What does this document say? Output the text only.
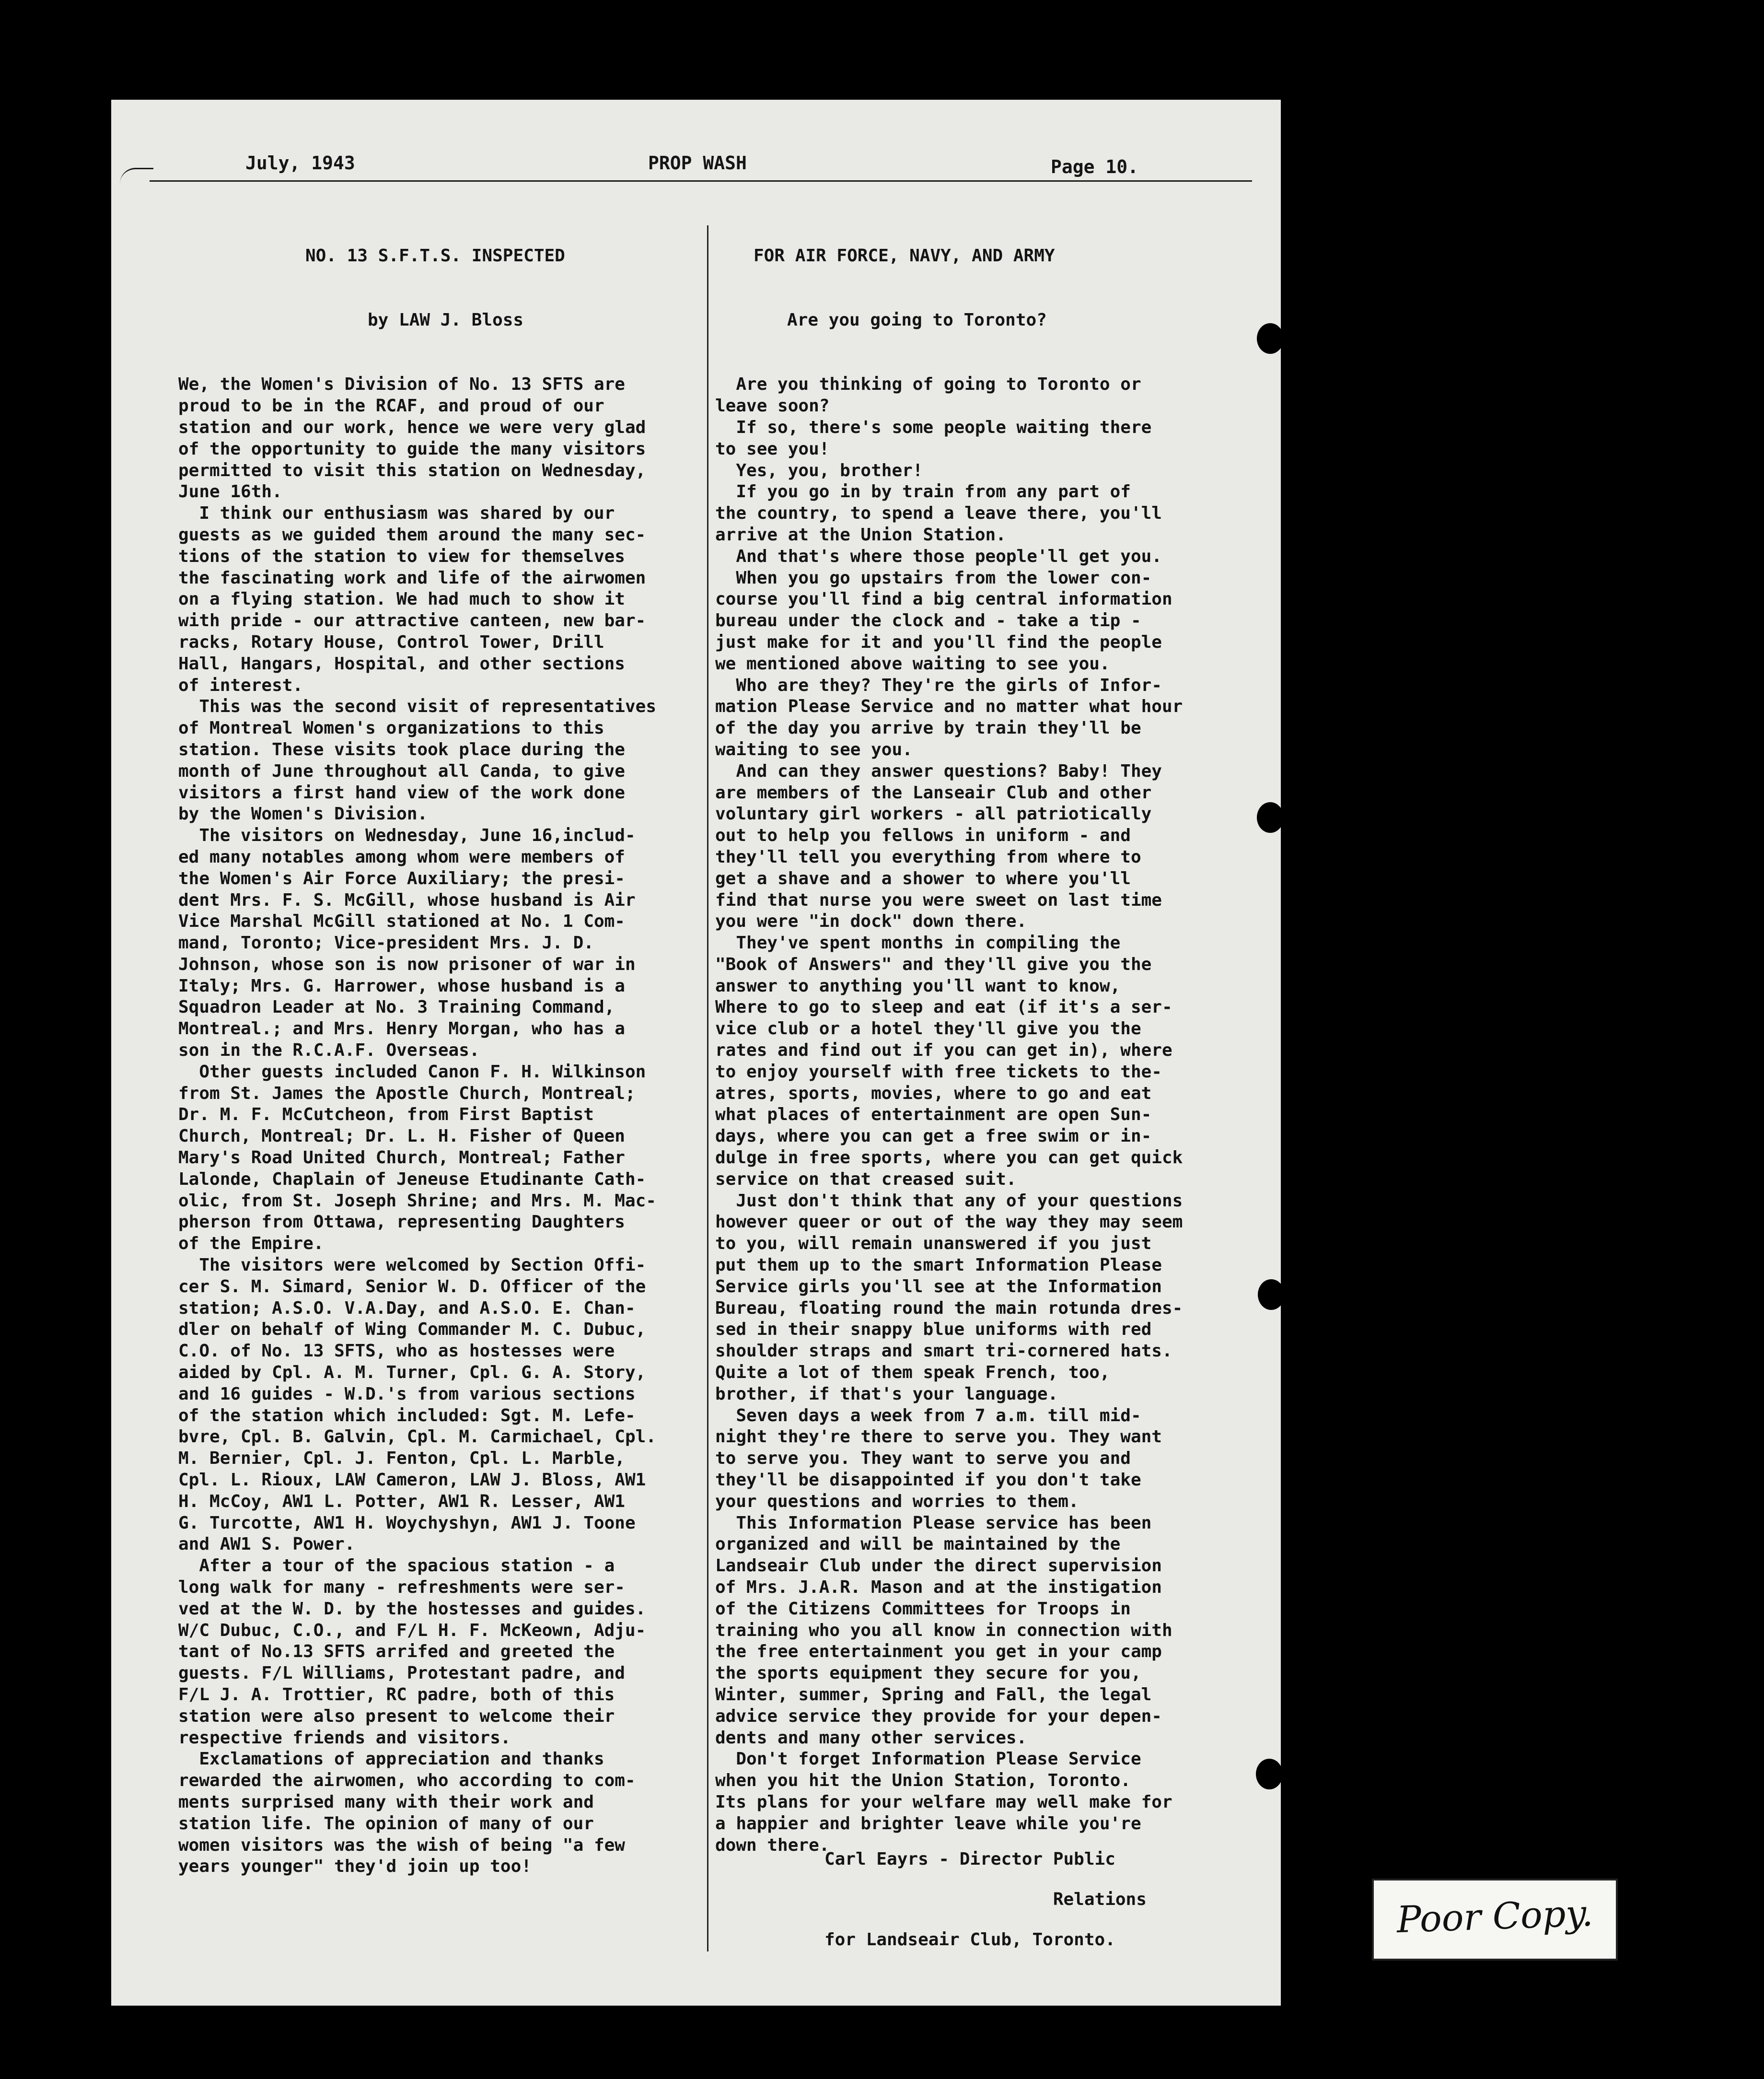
July, 1943	PROP WASH	Page 10.

NO. 13 S.F.T.S. INSPECTED

by LAW J. Bloss

We, the Women's Division of No. 13 SFTS are

proud to be in the RCAF, and proud of our

station and our work, hence we were very glad

of the opportunity to guide the many visitors

permitted to visit this station on Wednesday,

June 16th.

I think our enthusiasm was shared by our

guests as we guided them around the many sec-

tions of the station to view for themselves

the fascinating work and life of the airwomen

on a flying station. We had much to show it

with pride - our attractive canteen, new bar-

racks, Rotary House, Control Tower, Drill

Hall, Hangars, Hospital, and other sections

of interest.

This was the second visit of representatives

of Montreal Women's organizations to this

station. These visits took place during the

month of June throughout all Canda, to give

visitors a first hand view of the work done

by the Women's Division.

The visitors on Wednesday, June 16,includ-

ed many notables among whom were members of

the Women's Air Force Auxiliary; the presi-

dent Mrs. F. S. McGill, whose husband is Air

Vice Marshal McGill stationed at No. 1 Com-

mand, Toronto; Vice-president Mrs. J. D.

Johnson, whose son is now prisoner of war in

Italy; Mrs. G. Harrower, whose husband is a

Squadron Leader at No. 3 Training Command,

Montreal.; and Mrs. Henry Morgan, who has a

son in the R.C.A.F. Overseas.

Other guests included Canon F. H. Wilkinson

from St. James the Apostle Church, Montreal;

Dr. M. F. McCutcheon, from First Baptist

Church, Montreal; Dr. L. H. Fisher of Queen

Mary's Road United Church, Montreal; Father

Lalonde, Chaplain of Jeneuse Etudinante Cath-

olic, from St. Joseph Shrine; and Mrs. M. Mac-

pherson from Ottawa, representing Daughters

of the Empire.

The visitors were welcomed by Section Offi-

cer S. M. Simard, Senior W. D. Officer of the

station; A.S.O. V.A.Day, and A.S.O. E. Chan-

dler on behalf of Wing Commander M. C. Dubuc,

C.O. of No. 13 SFTS, who as hostesses were

aided by Cpl. A. M. Turner, Cpl. G. A. Story,

and 16 guides - W.D.'s from various sections

of the station which included: Sgt. M. Lefe-

bvre, Cpl. B. Galvin, Cpl. M. Carmichael, Cpl.

M. Bernier, Cpl. J. Fenton, Cpl. L. Marble,

Cpl. L. Rioux, LAW Cameron, LAW J. Bloss, AW1

H. McCoy, AW1 L. Potter, AW1 R. Lesser, AW1

G. Turcotte, AW1 H. Woychyshyn, AW1 J. Toone

and AW1 S. Power.

After a tour of the spacious station - a

long walk for many - refreshments were ser-

ved at the W. D. by the hostesses and guides.

W/C Dubuc, C.O., and F/L H. F. McKeown, Adju-

tant of No.13 SFTS arrifed and greeted the

guests. F/L Williams, Protestant padre, and

F/L J. A. Trottier, RC padre, both of this

station were also present to welcome their

respective friends and visitors.

Exclamations of appreciation and thanks

rewarded the airwomen, who according to com-

ments surprised many with their work and

station life. The opinion of many of our

women visitors was the wish of being "a few

years younger" they'd join up too!

FOR AIR FORCE, NAVY, AND ARMY

Are you going to Toronto?

Are you thinking of going to Toronto or

leave soon?

If so, there's some people waiting there

to see you!

Yes, you, brother!

If you go in by train from any part of

the country, to spend a leave there, you'll

arrive at the Union Station.

And that's where those people'll get you.

When you go upstairs from the lower con-

course you'll find a big central information

bureau under the clock and - take a tip -

just make for it and you'll find the people

we mentioned above waiting to see you.

Who are they? They're the girls of Infor-

mation Please Service and no matter what hour

of the day you arrive by train they'll be

waiting to see you.

And can they answer questions? Baby! They

are members of the Lanseair Club and other

voluntary girl workers - all patriotically

out to help you fellows in uniform - and

they'll tell you everything from where to

get a shave and a shower to where you'll

find that nurse you were sweet on last time

you were "in dock" down there.

They've spent months in compiling the

"Book of Answers" and they'll give you the

answer to anything you'll want to know,

Where to go to sleep and eat (if it's a ser-

vice club or a hotel they'll give you the

rates and find out if you can get in), where

to enjoy yourself with free tickets to the-

atres, sports, movies, where to go and eat

what places of entertainment are open Sun-

days, where you can get a free swim or in-

dulge in free sports, where you can get quick

service on that creased suit.

Just don't think that any of your questions

however queer or out of the way they may seem

to you, will remain unanswered if you just

put them up to the smart Information Please

Service girls you'll see at the Information

Bureau, floating round the main rotunda dres-

sed in their snappy blue uniforms with red

shoulder straps and smart tri-cornered hats.

Quite a lot of them speak French, too,

brother, if that's your language.

Seven days a week from 7 a.m. till mid-

night they're there to serve you. They want

to serve you. They want to serve you and

they'll be disappointed if you don't take

your questions and worries to them.

This Information Please service has been

organized and will be maintained by the

Landseair Club under the direct supervision

of Mrs. J.A.R. Mason and at the instigation

of the Citizens Committees for Troops in

training who you all know in connection with

the free entertainment you get in your camp

the sports equipment they secure for you,

Winter, summer, Spring and Fall, the legal

advice service they provide for your depen-

dents and many other services.

Don't forget Information Please Service

when you hit the Union Station, Toronto.

Its plans for your welfare may well make for

a happier and brighter leave while you're

down there.

Carl Eayrs - Director Public

Relations

for Landseair Club, Toronto.	Poor Copy.
